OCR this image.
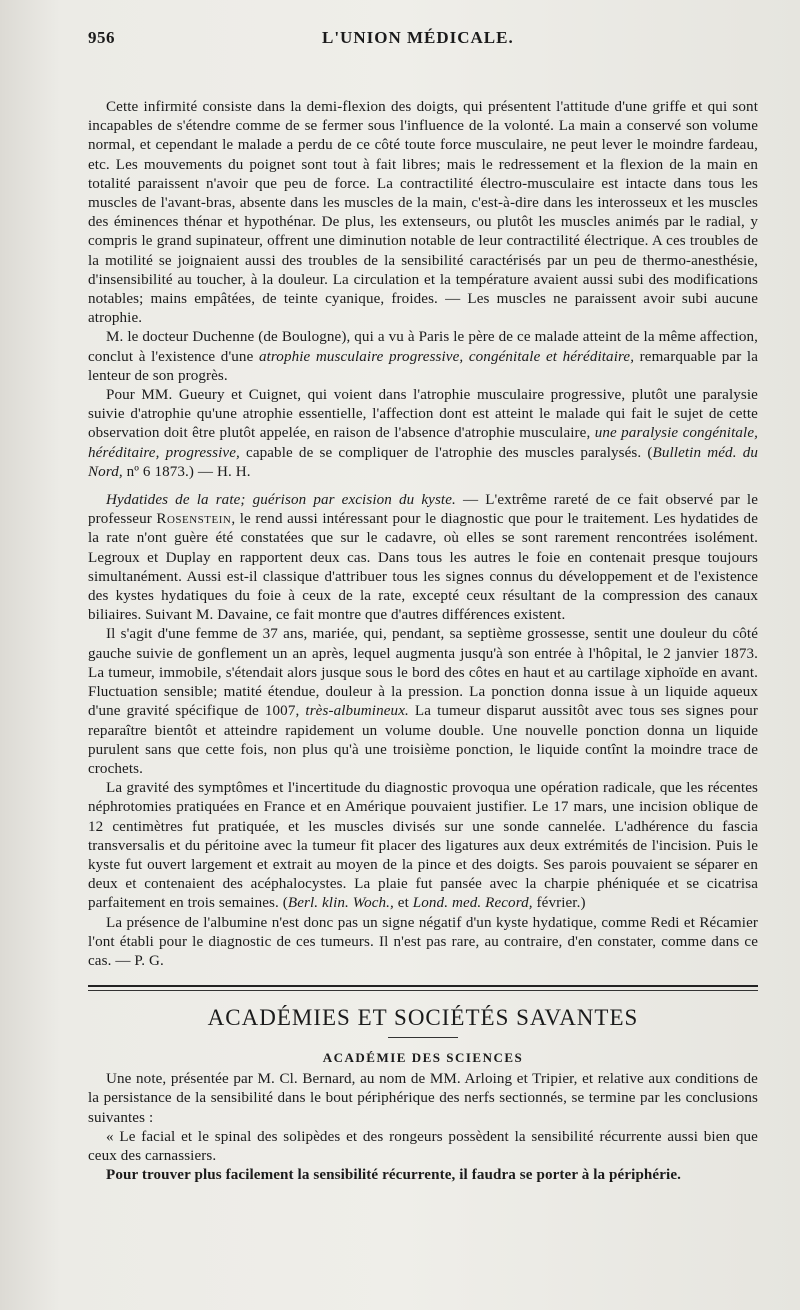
956	L'UNION MÉDICALE.

Cette infirmité consiste dans la demi-flexion des doigts, qui présentent l'attitude d'une griffe et qui sont incapables de s'étendre comme de se fermer sous l'influence de la volonté. La main a conservé son volume normal, et cependant le malade a perdu de ce côté toute force musculaire, ne peut lever le moindre fardeau, etc. Les mouvements du poignet sont tout à fait libres; mais le redressement et la flexion de la main en totalité paraissent n'avoir que peu de force. La contractilité électro-musculaire est intacte dans tous les muscles de l'avant-bras, absente dans les muscles de la main, c'est-à-dire dans les interosseux et les muscles des éminences thénar et hypothénar. De plus, les extenseurs, ou plutôt les muscles animés par le radial, y compris le grand supinateur, offrent une diminution notable de leur contractilité électrique. A ces troubles de la motilité se joignaient aussi des troubles de la sensibilité caractérisés par un peu de thermo-anesthésie, d'insensibilité au toucher, à la douleur. La circulation et la température avaient aussi subi des modifications notables; mains empâtées, de teinte cyanique, froides. — Les muscles ne paraissent avoir subi aucune atrophie.

M. le docteur Duchenne (de Boulogne), qui a vu à Paris le père de ce malade atteint de la même affection, conclut à l'existence d'une atrophie musculaire progressive, congénitale et héréditaire, remarquable par la lenteur de son progrès.

Pour MM. Gueury et Cuignet, qui voient dans l'atrophie musculaire progressive, plutôt une paralysie suivie d'atrophie qu'une atrophie essentielle, l'affection dont est atteint le malade qui fait le sujet de cette observation doit être plutôt appelée, en raison de l'absence d'atrophie musculaire, une paralysie congénitale, héréditaire, progressive, capable de se compliquer de l'atrophie des muscles paralysés. (Bulletin méd. du Nord, nº 6 1873.) — H. H.

Hydatides de la rate; guérison par excision du kyste. — L'extrême rareté de ce fait observé par le professeur Rosenstein, le rend aussi intéressant pour le diagnostic que pour le traitement. Les hydatides de la rate n'ont guère été constatées que sur le cadavre, où elles se sont rarement rencontrées isolément. Legroux et Duplay en rapportent deux cas. Dans tous les autres le foie en contenait presque toujours simultanément. Aussi est-il classique d'attribuer tous les signes connus du développement et de l'existence des kystes hydatiques du foie à ceux de la rate, excepté ceux résultant de la compression des canaux biliaires. Suivant M. Davaine, ce fait montre que d'autres différences existent.

Il s'agit d'une femme de 37 ans, mariée, qui, pendant, sa septième grossesse, sentit une douleur du côté gauche suivie de gonflement un an après, lequel augmenta jusqu'à son entrée à l'hôpital, le 2 janvier 1873. La tumeur, immobile, s'étendait alors jusque sous le bord des côtes en haut et au cartilage xiphoïde en avant. Fluctuation sensible; matité étendue, douleur à la pression. La ponction donna issue à un liquide aqueux d'une gravité spécifique de 1007, très-albumineux. La tumeur disparut aussitôt avec tous ses signes pour reparaître bientôt et atteindre rapidement un volume double. Une nouvelle ponction donna un liquide purulent sans que cette fois, non plus qu'à une troisième ponction, le liquide contînt la moindre trace de crochets.

La gravité des symptômes et l'incertitude du diagnostic provoqua une opération radicale, que les récentes néphrotomies pratiquées en France et en Amérique pouvaient justifier. Le 17 mars, une incision oblique de 12 centimètres fut pratiquée, et les muscles divisés sur une sonde cannelée. L'adhérence du fascia transversalis et du péritoine avec la tumeur fit placer des ligatures aux deux extrémités de l'incision. Puis le kyste fut ouvert largement et extrait au moyen de la pince et des doigts. Ses parois pouvaient se séparer en deux et contenaient des acéphalocystes. La plaie fut pansée avec la charpie phéniquée et se cicatrisa parfaitement en trois semaines. (Berl. klin. Woch., et Lond. med. Record, février.)

La présence de l'albumine n'est donc pas un signe négatif d'un kyste hydatique, comme Redi et Récamier l'ont établi pour le diagnostic de ces tumeurs. Il n'est pas rare, au contraire, d'en constater, comme dans ce cas. — P. G.

ACADÉMIES ET SOCIÉTÉS SAVANTES
ACADÉMIE DES SCIENCES

Une note, présentée par M. Cl. Bernard, au nom de MM. Arloing et Tripier, et relative aux conditions de la persistance de la sensibilité dans le bout périphérique des nerfs sectionnés, se termine par les conclusions suivantes :

« Le facial et le spinal des solipèdes et des rongeurs possèdent la sensibilité récurrente aussi bien que ceux des carnassiers.

Pour trouver plus facilement la sensibilité récurrente, il faudra se porter à la périphérie.
